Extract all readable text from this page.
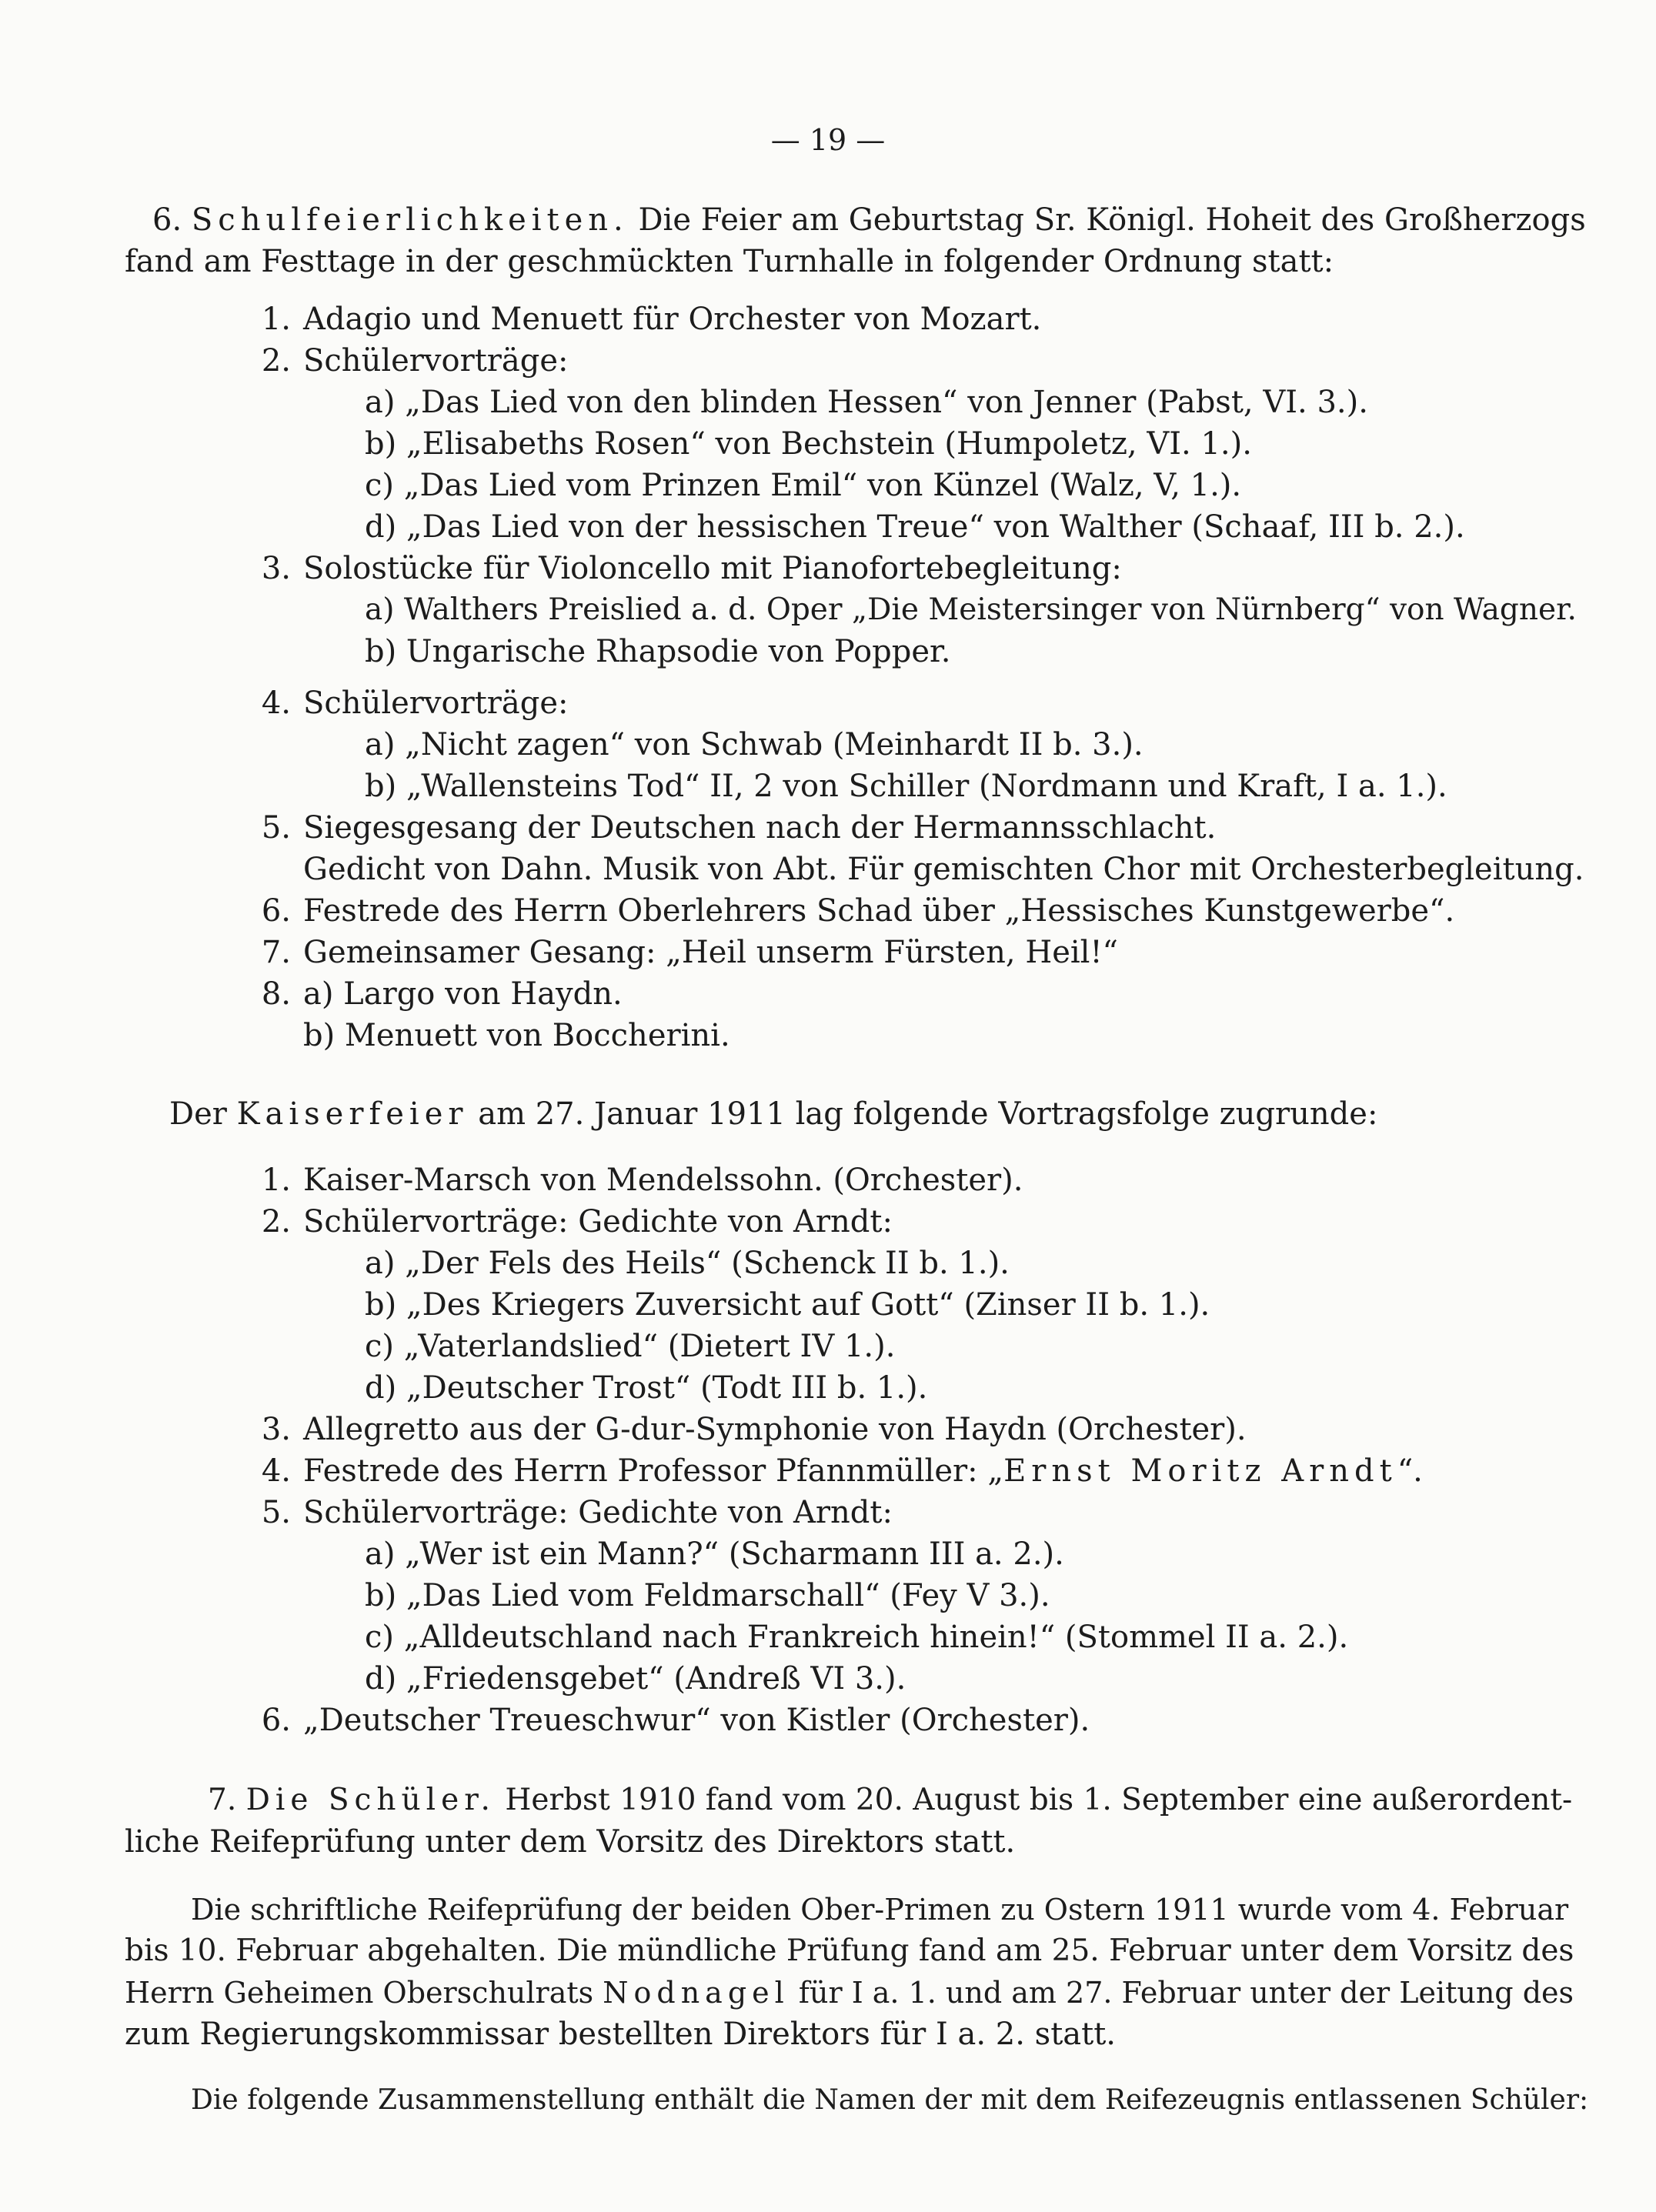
— 19 —
6. Schulfeierlichkeiten. Die Feier am Geburtstag Sr. Königl. Hoheit des Großherzogs
fand am Festtage in der geschmückten Turnhalle in folgender Ordnung statt:
1. Adagio und Menuett für Orchester von Mozart.
2. Schülervorträge:
a) „Das Lied von den blinden Hessen“ von Jenner (Pabst, VI. 3.).
b) „Elisabeths Rosen“ von Bechstein (Humpoletz, VI. 1.).
c) „Das Lied vom Prinzen Emil“ von Künzel (Walz, V, 1.).
d) „Das Lied von der hessischen Treue“ von Walther (Schaaf, III b. 2.).
3. Solostücke für Violoncello mit Pianofortebegleitung:
a) Walthers Preislied a. d. Oper „Die Meistersinger von Nürnberg“ von Wagner.
b) Ungarische Rhapsodie von Popper.
4. Schülervorträge:
a) „Nicht zagen“ von Schwab (Meinhardt II b. 3.).
b) „Wallensteins Tod“ II, 2 von Schiller (Nordmann und Kraft, I a. 1.).
5. Siegesgesang der Deutschen nach der Hermannsschlacht.
Gedicht von Dahn. Musik von Abt. Für gemischten Chor mit Orchesterbegleitung.
6. Festrede des Herrn Oberlehrers Schad über „Hessisches Kunstgewerbe“.
7. Gemeinsamer Gesang: „Heil unserm Fürsten, Heil!“
8. a) Largo von Haydn.
b) Menuett von Boccherini.
Der Kaiserfeier am 27. Januar 1911 lag folgende Vortragsfolge zugrunde:
1. Kaiser-Marsch von Mendelssohn. (Orchester).
2. Schülervorträge: Gedichte von Arndt:
a) „Der Fels des Heils“ (Schenck II b. 1.).
b) „Des Kriegers Zuversicht auf Gott“ (Zinser II b. 1.).
c) „Vaterlandslied“ (Dietert IV 1.).
d) „Deutscher Trost“ (Todt III b. 1.).
3. Allegretto aus der G-dur-Symphonie von Haydn (Orchester).
4. Festrede des Herrn Professor Pfannmüller: „Ernst Moritz Arndt“.
5. Schülervorträge: Gedichte von Arndt:
a) „Wer ist ein Mann?“ (Scharmann III a. 2.).
b) „Das Lied vom Feldmarschall“ (Fey V 3.).
c) „Alldeutschland nach Frankreich hinein!“ (Stommel II a. 2.).
d) „Friedensgebet“ (Andreß VI 3.).
6. „Deutscher Treueschwur“ von Kistler (Orchester).
7. Die Schüler. Herbst 1910 fand vom 20. August bis 1. September eine außerordent-
liche Reifeprüfung unter dem Vorsitz des Direktors statt.
Die schriftliche Reifeprüfung der beiden Ober-Primen zu Ostern 1911 wurde vom 4. Februar
bis 10. Februar abgehalten. Die mündliche Prüfung fand am 25. Februar unter dem Vorsitz des
Herrn Geheimen Oberschulrats Nodnagel für I a. 1. und am 27. Februar unter der Leitung des
zum Regierungskommissar bestellten Direktors für I a. 2. statt.
Die folgende Zusammenstellung enthält die Namen der mit dem Reifezeugnis entlassenen Schüler:
